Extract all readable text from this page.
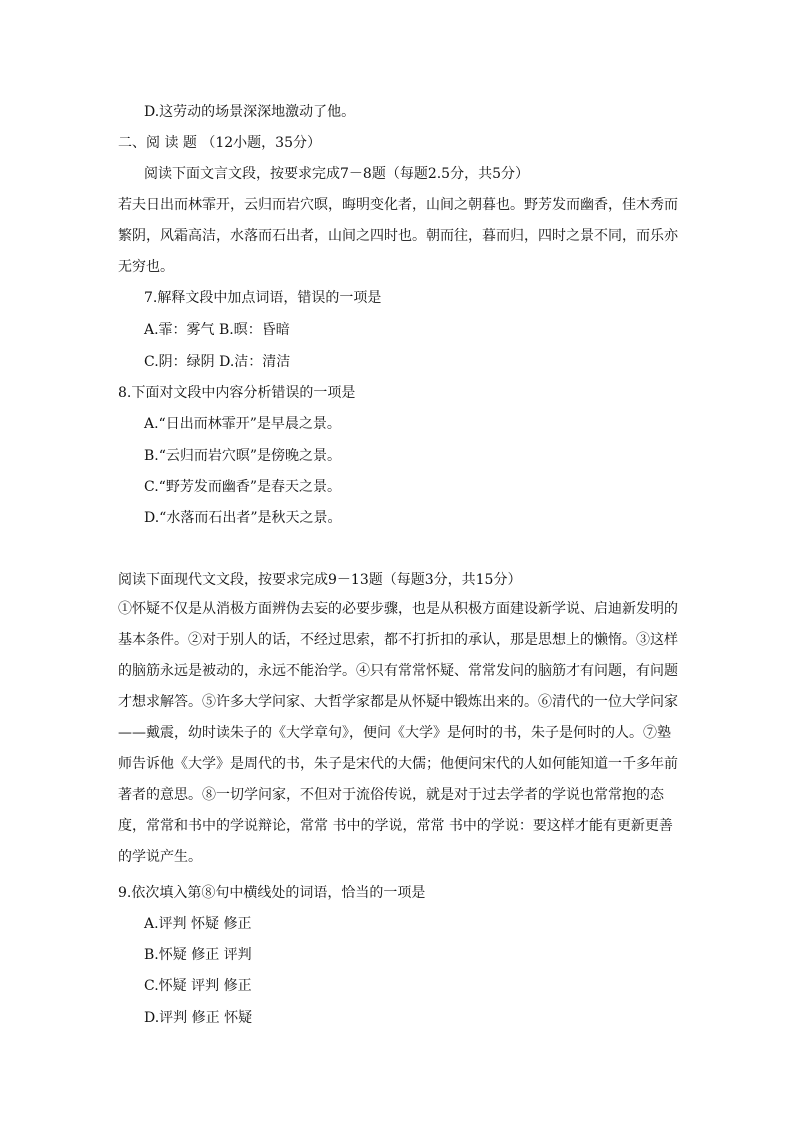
D.这劳动的场景深深地激动了他。
二、阅 读 题 （12小题，35分）
阅读下面文言文段，按要求完成7－8题（每题2.5分，共5分）
若夫日出而林霏开，云归而岩穴暝，晦明变化者，山间之朝暮也。野芳发而幽香，佳木秀而繁阴，风霜高洁，水落而石出者，山间之四时也。朝而往，暮而归，四时之景不同，而乐亦无穷也。
7.解释文段中加点词语，错误的一项是
A.霏：雾气 B.暝：昏暗
C.阴：绿阴 D.洁：清洁
8.下面对文段中内容分析错误的一项是
A.“日出而林霏开”是早晨之景。
B.“云归而岩穴暝”是傍晚之景。
C.“野芳发而幽香”是春天之景。
D.“水落而石出者”是秋天之景。
阅读下面现代文文段，按要求完成9－13题（每题3分，共15分）
①怀疑不仅是从消极方面辨伪去妄的必要步骤，也是从积极方面建设新学说、启迪新发明的基本条件。②对于别人的话，不经过思索，都不打折扣的承认，那是思想上的懒惰。③这样的脑筋永远是被动的，永远不能治学。④只有常常怀疑、常常发问的脑筋才有问题，有问题才想求解答。⑤许多大学问家、大哲学家都是从怀疑中锻炼出来的。⑥清代的一位大学问家——戴震，幼时读朱子的《大学章句》，便问《大学》是何时的书，朱子是何时的人。⑦塾师告诉他《大学》是周代的书，朱子是宋代的大儒；他便问宋代的人如何能知道一千多年前著者的意思。⑧一切学问家，不但对于流俗传说，就是对于过去学者的学说也常常抱的态度，常常和书中的学说辩论，常常 书中的学说，常常 书中的学说：要这样才能有更新更善的学说产生。
9.依次填入第⑧句中横线处的词语，恰当的一项是
A.评判 怀疑 修正
B.怀疑 修正 评判
C.怀疑 评判 修正
D.评判 修正 怀疑
